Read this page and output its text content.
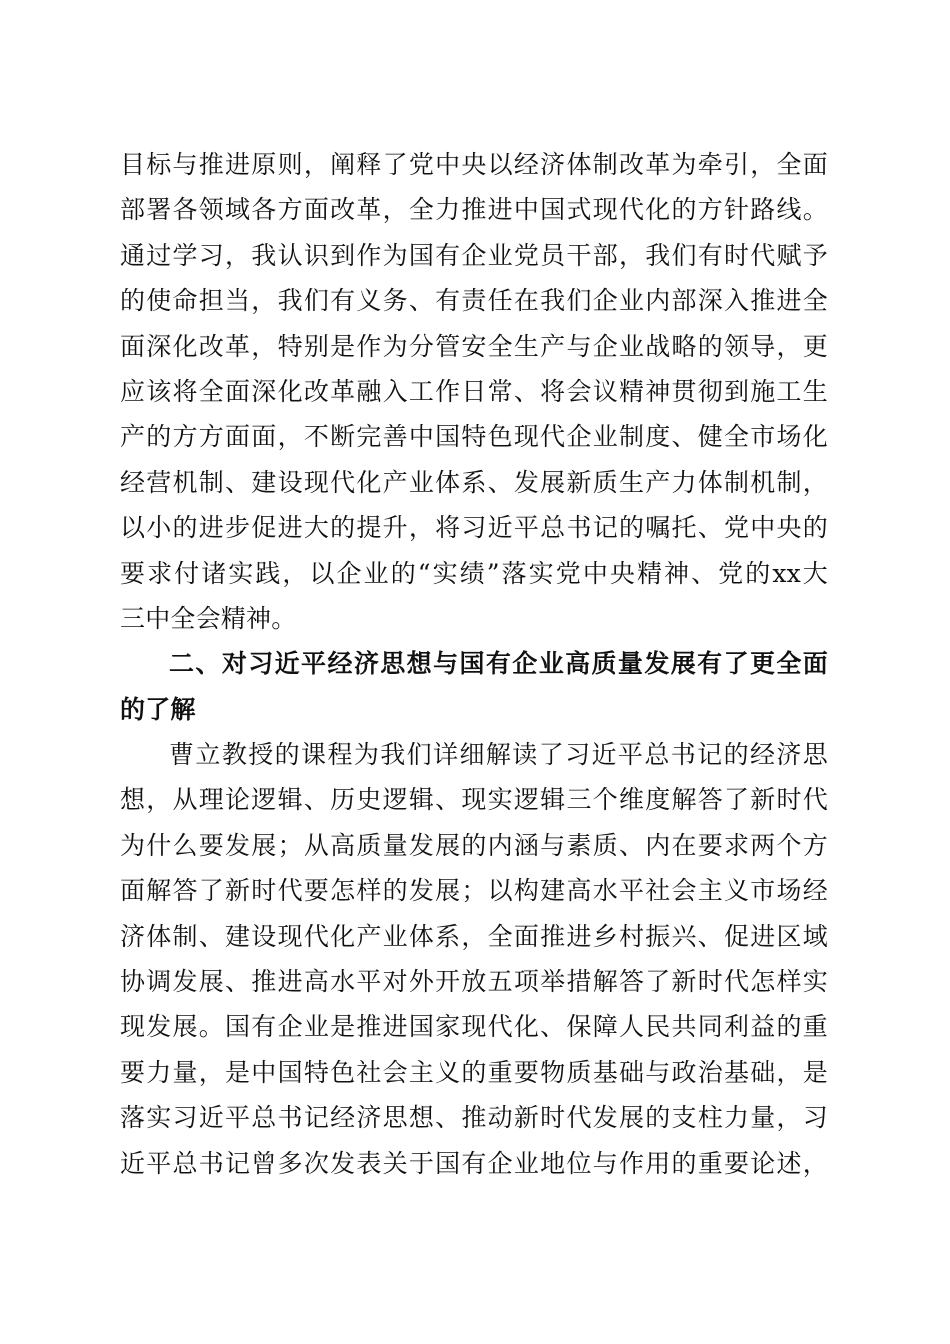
目标与推进原则，阐释了党中央以经济体制改革为牵引，全面
部署各领域各方面改革，全力推进中国式现代化的方针路线。
通过学习，我认识到作为国有企业党员干部，我们有时代赋予
的使命担当，我们有义务、有责任在我们企业内部深入推进全
面深化改革，特别是作为分管安全生产与企业战略的领导，更
应该将全面深化改革融入工作日常、将会议精神贯彻到施工生
产的方方面面，不断完善中国特色现代企业制度、健全市场化
经营机制、建设现代化产业体系、发展新质生产力体制机制，
以小的进步促进大的提升，将习近平总书记的嘱托、党中央的
要求付诸实践，以企业的“实绩”落实党中央精神、党的xx大
三中全会精神。
二、对习近平经济思想与国有企业高质量发展有了更全面
的了解
曹立教授的课程为我们详细解读了习近平总书记的经济思
想，从理论逻辑、历史逻辑、现实逻辑三个维度解答了新时代
为什么要发展；从高质量发展的内涵与素质、内在要求两个方
面解答了新时代要怎样的发展；以构建高水平社会主义市场经
济体制、建设现代化产业体系，全面推进乡村振兴、促进区域
协调发展、推进高水平对外开放五项举措解答了新时代怎样实
现发展。国有企业是推进国家现代化、保障人民共同利益的重
要力量，是中国特色社会主义的重要物质基础与政治基础，是
落实习近平总书记经济思想、推动新时代发展的支柱力量，习
近平总书记曾多次发表关于国有企业地位与作用的重要论述，
